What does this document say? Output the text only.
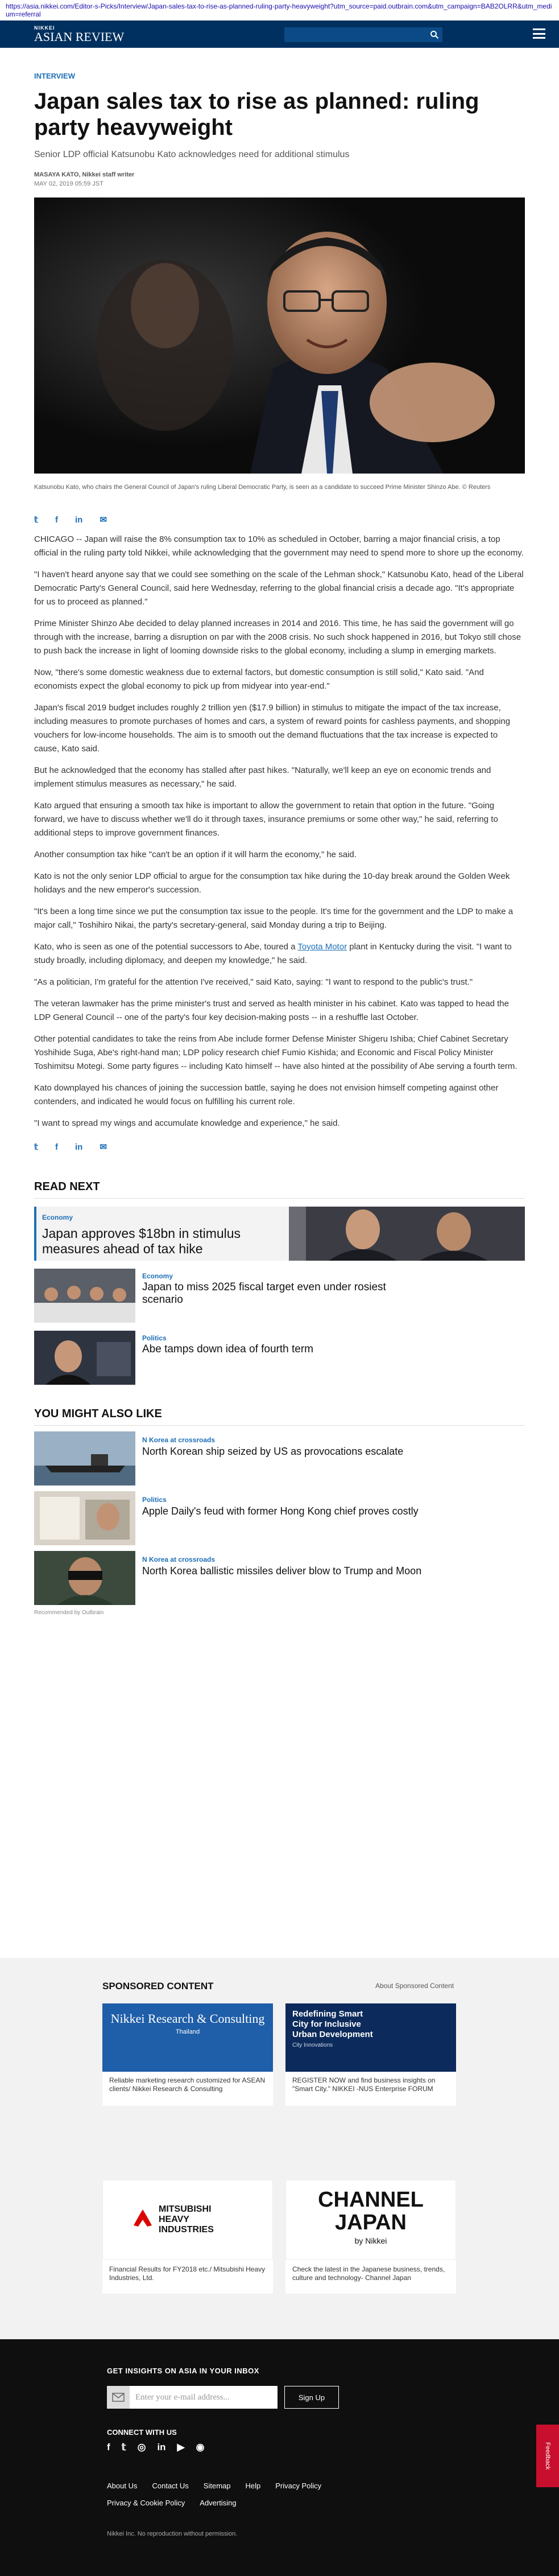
https://asia.nikkei.com/Editor-s-Picks/Interview/Japan-sales-tax-to-rise-as-planned-ruling-party-heavyweight?utm_source=paid.outbrain.com&utm_campaign=BAB2OLRR&utm_medium=referral
NIKKEI
ASIAN REVIEW
INTERVIEW
Japan sales tax to rise as planned: ruling party heavyweight
Senior LDP official Katsunobu Kato acknowledges need for additional stimulus
MASAYA KATO, Nikkei staff writer
MAY 02, 2019 05:59 JST
Katsunobu Kato, who chairs the General Council of Japan's ruling Liberal Democratic Party, is seen as a candidate to succeed Prime Minister Shinzo Abe. © Reuters
𝕥 f in ✉

CHICAGO -- Japan will raise the 8% consumption tax to 10% as scheduled in October, barring a major financial crisis, a top official in the ruling party told Nikkei, while acknowledging that the government may need to spend more to shore up the economy.

"I haven't heard anyone say that we could see something on the scale of the Lehman shock," Katsunobu Kato, head of the Liberal Democratic Party's General Council, said here Wednesday, referring to the global financial crisis a decade ago. "It's appropriate for us to proceed as planned."

Prime Minister Shinzo Abe decided to delay planned increases in 2014 and 2016. This time, he has said the government will go through with the increase, barring a disruption on par with the 2008 crisis. No such shock happened in 2016, but Tokyo still chose to push back the increase in light of looming downside risks to the global economy, including a slump in emerging markets.

Now, "there's some domestic weakness due to external factors, but domestic consumption is still solid," Kato said. "And economists expect the global economy to pick up from midyear into year-end."

Japan's fiscal 2019 budget includes roughly 2 trillion yen ($17.9 billion) in stimulus to mitigate the impact of the tax increase, including measures to promote purchases of homes and cars, a system of reward points for cashless payments, and shopping vouchers for low-income households. The aim is to smooth out the demand fluctuations that the tax increase is expected to cause, Kato said.

But he acknowledged that the economy has stalled after past hikes. "Naturally, we'll keep an eye on economic trends and implement stimulus measures as necessary," he said.

Kato argued that ensuring a smooth tax hike is important to allow the government to retain that option in the future. "Going forward, we have to discuss whether we'll do it through taxes, insurance premiums or some other way," he said, referring to additional steps to improve government finances.

Another consumption tax hike "can't be an option if it will harm the economy," he said.

Kato is not the only senior LDP official to argue for the consumption tax hike during the 10-day break around the Golden Week holidays and the new emperor's succession.

"It's been a long time since we put the consumption tax issue to the people. It's time for the government and the LDP to make a major call," Toshihiro Nikai, the party's secretary-general, said Monday during a trip to Beijing.

Kato, who is seen as one of the potential successors to Abe, toured a Toyota Motor plant in Kentucky during the visit. "I want to study broadly, including diplomacy, and deepen my knowledge," he said.

"As a politician, I'm grateful for the attention I've received," said Kato, saying: "I want to respond to the public's trust."

The veteran lawmaker has the prime minister's trust and served as health minister in his cabinet. Kato was tapped to head the LDP General Council -- one of the party's four key decision-making posts -- in a reshuffle last October.

Other potential candidates to take the reins from Abe include former Defense Minister Shigeru Ishiba; Chief Cabinet Secretary Yoshihide Suga, Abe's right-hand man; LDP policy research chief Fumio Kishida; and Economic and Fiscal Policy Minister Toshimitsu Motegi. Some party figures -- including Kato himself -- have also hinted at the possibility of Abe serving a fourth term.

Kato downplayed his chances of joining the succession battle, saying he does not envision himself competing against other contenders, and indicated he would focus on fulfilling his current role.

"I want to spread my wings and accumulate knowledge and experience," he said.

𝕥 f in ✉
READ NEXT
Economy
Japan approves $18bn in stimulus measures ahead of tax hike
Economy
Japan to miss 2025 fiscal target even under rosiest scenario
Politics
Abe tamps down idea of fourth term
YOU MIGHT ALSO LIKE
N Korea at crossroads
North Korean ship seized by US as provocations escalate
Politics
Apple Daily's feud with former Hong Kong chief proves costly
N Korea at crossroads
North Korea ballistic missiles deliver blow to Trump and Moon
Recommended by Outbrain
SPONSORED CONTENT	About Sponsored Content
Nikkei Research & Consulting
Thailand
Reliable marketing research customized for ASEAN clients/ Nikkei Research & Consulting
Redefining Smart City for Inclusive Urban Development
City Innovations
REGISTER NOW and find business insights on "Smart City." NIKKEI -NUS Enterprise FORUM
MITSUBISHI HEAVY INDUSTRIES
Financial Results for FY2018 etc./ Mitsubishi Heavy Industries, Ltd.
CHANNEL JAPAN
by Nikkei
Check the latest in the Japanese business, trends, culture and technology- Channel Japan
GET INSIGHTS ON ASIA IN YOUR INBOX
Enter your e-mail address...	Sign Up
CONNECT WITH US
f 𝕥 ◎ in ▶ ◉
About Us Contact Us Sitemap Help Privacy Policy
Privacy & Cookie Policy Advertising
Nikkei Inc. No reproduction without permission.
Feedback
